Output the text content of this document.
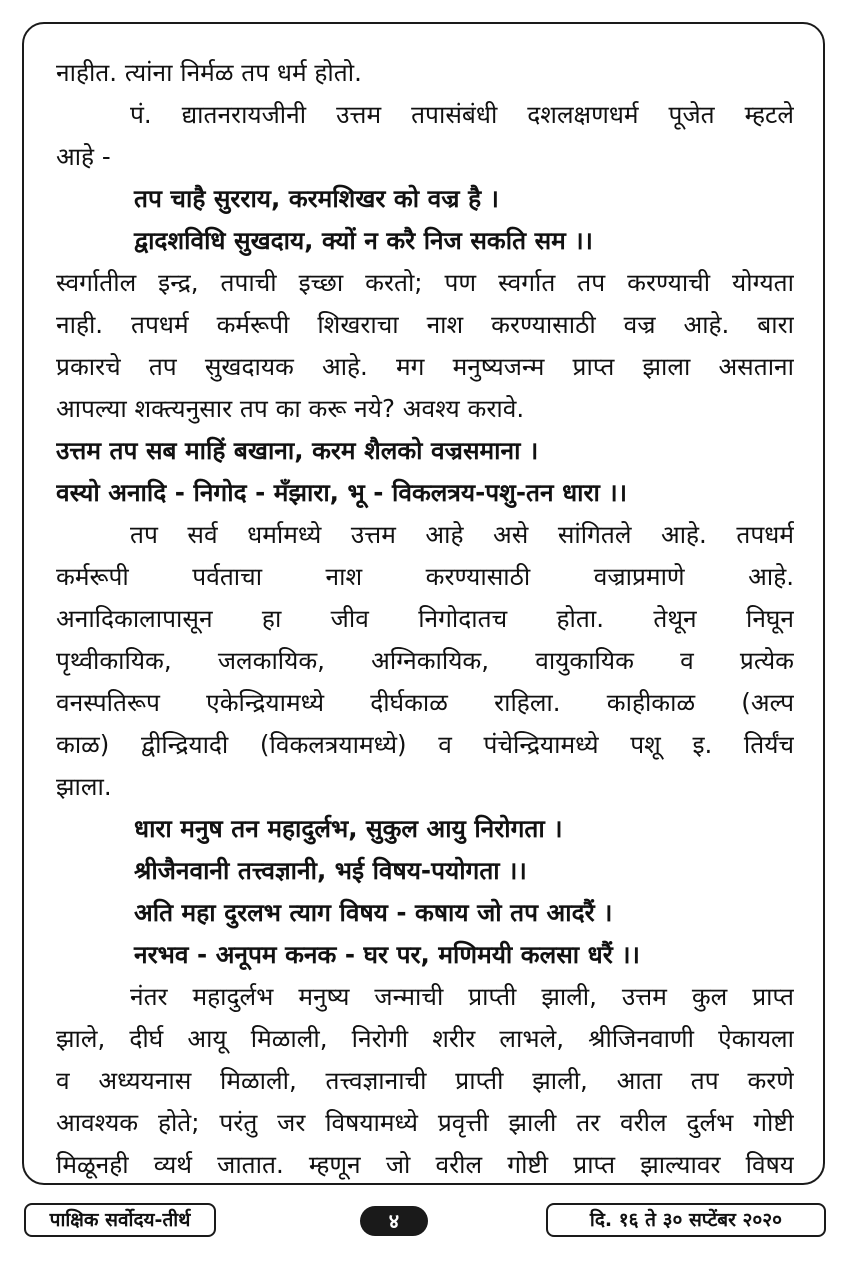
नाहीत. त्यांना निर्मळ तप धर्म होतो.
पं. द्यातनरायजीनी उत्तम तपासंबंधी दशलक्षणधर्म पूजेत म्हटले
आहे -
तप चाहै सुरराय, करमशिखर को वज्र है ।
द्वादशविधि सुखदाय, क्यों न करै निज सकति सम ।।
स्वर्गातील इन्द्र, तपाची इच्छा करतो; पण स्वर्गात तप करण्याची योग्यता
नाही. तपधर्म कर्मरूपी शिखराचा नाश करण्यासाठी वज्र आहे. बारा
प्रकारचे तप सुखदायक आहे. मग मनुष्यजन्म प्राप्त झाला असताना
आपल्या शक्त्यनुसार तप का करू नये? अवश्य करावे.
उत्तम तप सब माहिं बखाना, करम शैलको वज्रसमाना ।
वस्यो अनादि - निगोद - मँझारा, भू - विकलत्रय-पशु-तन धारा ।।
तप सर्व धर्मामध्ये उत्तम आहे असे सांगितले आहे. तपधर्म
कर्मरूपी पर्वताचा नाश करण्यासाठी वज्राप्रमाणे आहे.
अनादिकालापासून हा जीव निगोदातच होता. तेथून निघून
पृथ्वीकायिक, जलकायिक, अग्निकायिक, वायुकायिक व प्रत्येक
वनस्पतिरूप एकेन्द्रियामध्ये दीर्घकाळ राहिला. काहीकाळ (अल्प
काळ) द्वीन्द्रियादी (विकलत्रयामध्ये) व पंचेन्द्रियामध्ये पशू इ. तिर्यंच
झाला.
धारा मनुष तन महादुर्लभ, सुकुल आयु निरोगता ।
श्रीजैनवानी तत्त्वज्ञानी, भई विषय-पयोगता ।।
अति महा दुरलभ त्याग विषय - कषाय जो तप आदरैं ।
नरभव - अनूपम कनक - घर पर, मणिमयी कलसा धरैं ।।
नंतर महादुर्लभ मनुष्य जन्माची प्राप्ती झाली, उत्तम कुल प्राप्त
झाले, दीर्घ आयू मिळाली, निरोगी शरीर लाभले, श्रीजिनवाणी ऐकायला
व अध्ययनास मिळाली, तत्त्वज्ञानाची प्राप्ती झाली, आता तप करणे
आवश्यक होते; परंतु जर विषयामध्ये प्रवृत्ती झाली तर वरील दुर्लभ गोष्टी
मिळूनही व्यर्थ जातात. म्हणून जो वरील गोष्टी प्राप्त झाल्यावर विषय
पाक्षिक सर्वोदय-तीर्थ	४	दि. १६ ते ३० सप्टेंबर २०२०
